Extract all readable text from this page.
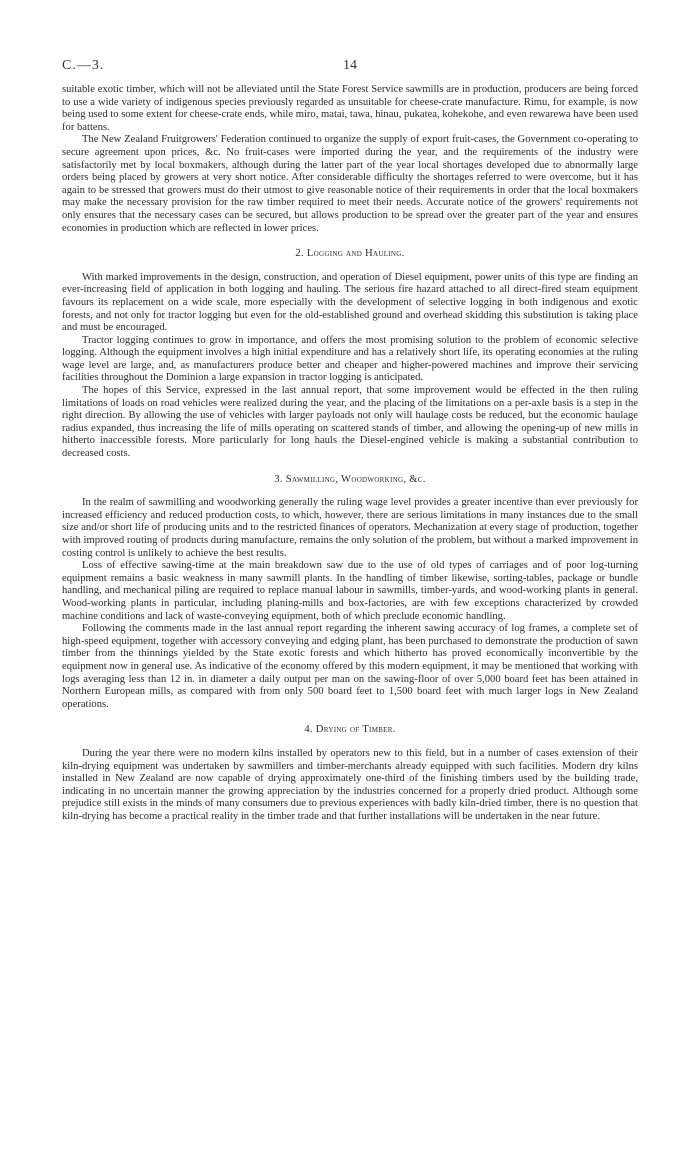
C.—3.	14

suitable exotic timber, which will not be alleviated until the State Forest Service sawmills are in production, producers are being forced to use a wide variety of indigenous species previously regarded as unsuitable for cheese-crate manufacture. Rimu, for example, is now being used to some extent for cheese-crate ends, while miro, matai, tawa, hinau, pukatea, kohekohe, and even rewarewa have been used for battens.

The New Zealand Fruitgrowers' Federation continued to organize the supply of export fruit-cases, the Government co-operating to secure agreement upon prices, &c. No fruit-cases were imported during the year, and the requirements of the industry were satisfactorily met by local boxmakers, although during the latter part of the year local shortages developed due to abnormally large orders being placed by growers at very short notice. After considerable difficulty the shortages referred to were overcome, but it has again to be stressed that growers must do their utmost to give reasonable notice of their requirements in order that the local boxmakers may make the necessary provision for the raw timber required to meet their needs. Accurate notice of the growers' requirements not only ensures that the necessary cases can be secured, but allows production to be spread over the greater part of the year and ensures economies in production which are reflected in lower prices.

2. Logging and Hauling.

With marked improvements in the design, construction, and operation of Diesel equipment, power units of this type are finding an ever-increasing field of application in both logging and hauling. The serious fire hazard attached to all direct-fired steam equipment favours its replacement on a wide scale, more especially with the development of selective logging in both indigenous and exotic forests, and not only for tractor logging but even for the old-established ground and overhead skidding this substitution is taking place and must be encouraged.

Tractor logging continues to grow in importance, and offers the most promising solution to the problem of economic selective logging. Although the equipment involves a high initial expenditure and has a relatively short life, its operating economies at the ruling wage level are large, and, as manufacturers produce better and cheaper and higher-powered machines and improve their servicing facilities throughout the Dominion a large expansion in tractor logging is anticipated.

The hopes of this Service, expressed in the last annual report, that some improvement would be effected in the then ruling limitations of loads on road vehicles were realized during the year, and the placing of the limitations on a per-axle basis is a step in the right direction. By allowing the use of vehicles with larger payloads not only will haulage costs be reduced, but the economic haulage radius expanded, thus increasing the life of mills operating on scattered stands of timber, and allowing the opening-up of new mills in hitherto inaccessible forests. More particularly for long hauls the Diesel-engined vehicle is making a substantial contribution to decreased costs.

3. Sawmilling, Woodworking, &c.

In the realm of sawmilling and woodworking generally the ruling wage level provides a greater incentive than ever previously for increased efficiency and reduced production costs, to which, however, there are serious limitations in many instances due to the small size and/or short life of producing units and to the restricted finances of operators. Mechanization at every stage of production, together with improved routing of products during manufacture, remains the only solution of the problem, but without a marked improvement in costing control is unlikely to achieve the best results.

Loss of effective sawing-time at the main breakdown saw due to the use of old types of carriages and of poor log-turning equipment remains a basic weakness in many sawmill plants. In the handling of timber likewise, sorting-tables, package or bundle handling, and mechanical piling are required to replace manual labour in sawmills, timber-yards, and wood-working plants in general. Wood-working plants in particular, including planing-mills and box-factories, are with few exceptions characterized by crowded machine conditions and lack of waste-conveying equipment, both of which preclude economic handling.

Following the comments made in the last annual report regarding the inherent sawing accuracy of log frames, a complete set of high-speed equipment, together with accessory conveying and edging plant, has been purchased to demonstrate the production of sawn timber from the thinnings yielded by the State exotic forests and which hitherto has proved economically inconvertible by the equipment now in general use. As indicative of the economy offered by this modern equipment, it may be mentioned that working with logs averaging less than 12 in. in diameter a daily output per man on the sawing-floor of over 5,000 board feet has been attained in Northern European mills, as compared with from only 500 board feet to 1,500 board feet with much larger logs in New Zealand operations.

4. Drying of Timber.

During the year there were no modern kilns installed by operators new to this field, but in a number of cases extension of their kiln-drying equipment was undertaken by sawmillers and timber-merchants already equipped with such facilities. Modern dry kilns installed in New Zealand are now capable of drying approximately one-third of the finishing timbers used by the building trade, indicating in no uncertain manner the growing appreciation by the industries concerned for a properly dried product. Although some prejudice still exists in the minds of many consumers due to previous experiences with badly kiln-dried timber, there is no question that kiln-drying has become a practical reality in the timber trade and that further installations will be undertaken in the near future.
